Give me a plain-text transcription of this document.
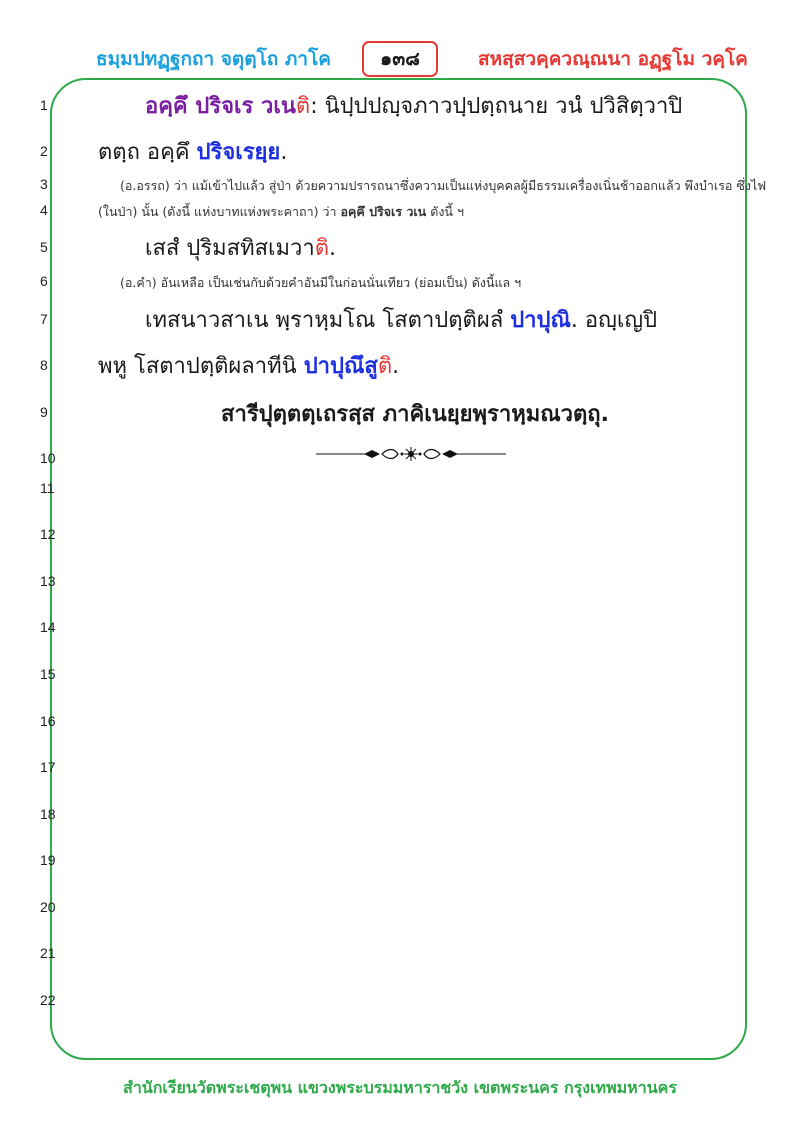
ธมฺมปทฏฺฐกถา จตุตฺโถ ภาโค	๑๓๘	สหสฺสวคฺควณฺณนา อฏฺฐโม วคฺโค
1
2
3
4
5
6
7
8
9
10
11
12
13
14
15
16
17
18
19
20
21
22
อคฺคึ ปริจเร วเนติ: นิปฺปปญฺจภาวปฺปตฺถนาย วนํ ปวิสิตฺวาปิ
ตตฺถ อคฺคึ ปริจเรยฺย.
(อ.อรรถ) ว่า แม้เข้าไปแล้ว สู่ป่า ด้วยความปรารถนาซึ่งความเป็นแห่งบุคคลผู้มีธรรมเครื่องเนิ่นช้าออกแล้ว พึงบำเรอ ซึ่งไฟ
(ในป่า) นั้น (ดังนี้ แห่งบาทแห่งพระคาถา) ว่า อคฺคึ ปริจเร วเน ดังนี้ ฯ
เสสํ ปุริมสทิสเมวาติ.
(อ.คำ) อันเหลือ เป็นเช่นกับด้วยคำอันมีในก่อนนั่นเทียว (ย่อมเป็น) ดังนี้แล ฯ
เทสนาวสาเน พฺราหฺมโณ โสตาปตฺติผลํ ปาปุณิ. อญฺเญปิ
พหู โสตาปตฺติผลาทีนิ ปาปุณึสูติ.
สารีปุตฺตตฺเถรสฺส ภาคิเนยฺยพฺราหฺมณวตฺถุ.
สำนักเรียนวัดพระเชตุพน แขวงพระบรมมหาราชวัง เขตพระนคร กรุงเทพมหานคร
